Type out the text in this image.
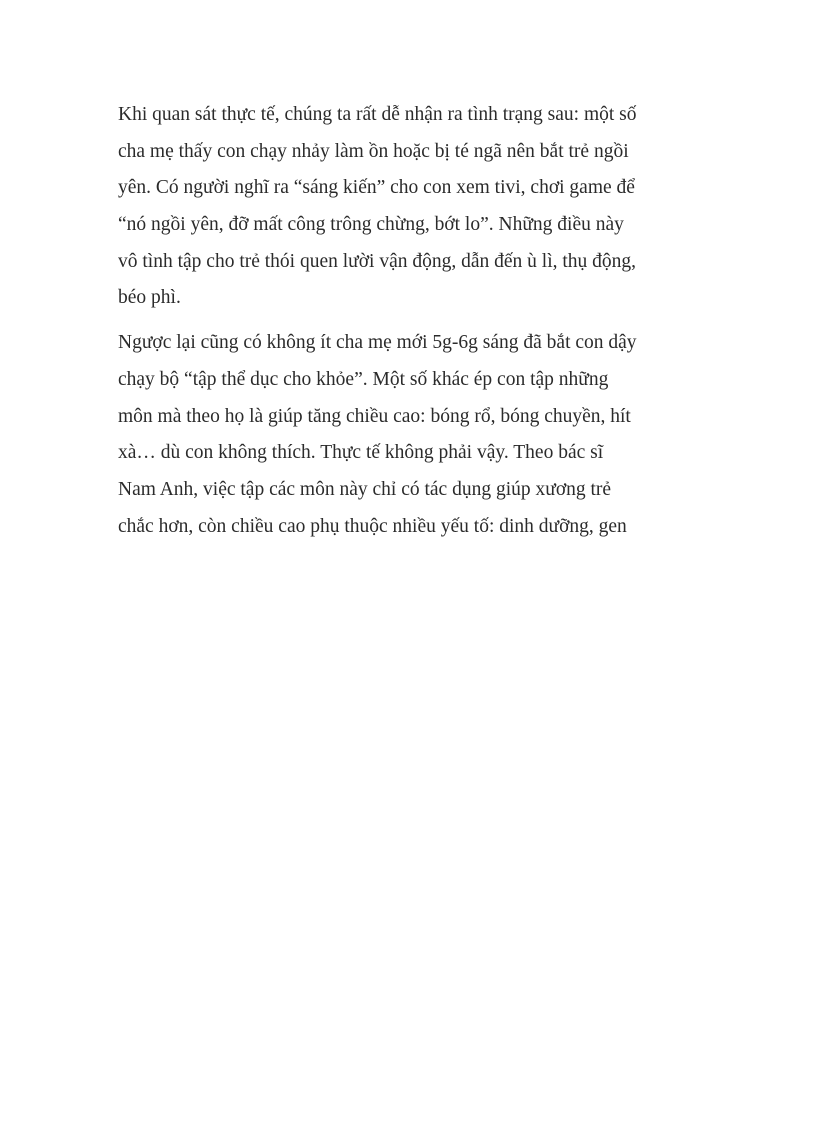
Khi quan sát thực tế, chúng ta rất dễ nhận ra tình trạng sau: một số
cha mẹ thấy con chạy nhảy làm ồn hoặc bị té ngã nên bắt trẻ ngồi
yên. Có người nghĩ ra “sáng kiến” cho con xem tivi, chơi game để
“nó ngồi yên, đỡ mất công trông chừng, bớt lo”. Những điều này
vô tình tập cho trẻ thói quen lười vận động, dẫn đến ù lì, thụ động,
béo phì.

Ngược lại cũng có không ít cha mẹ mới 5g-6g sáng đã bắt con dậy
chạy bộ “tập thể dục cho khỏe”. Một số khác ép con tập những
môn mà theo họ là giúp tăng chiều cao: bóng rổ, bóng chuyền, hít
xà… dù con không thích. Thực tế không phải vậy. Theo bác sĩ
Nam Anh, việc tập các môn này chỉ có tác dụng giúp xương trẻ
chắc hơn, còn chiều cao phụ thuộc nhiều yếu tố: dinh dưỡng, gen
